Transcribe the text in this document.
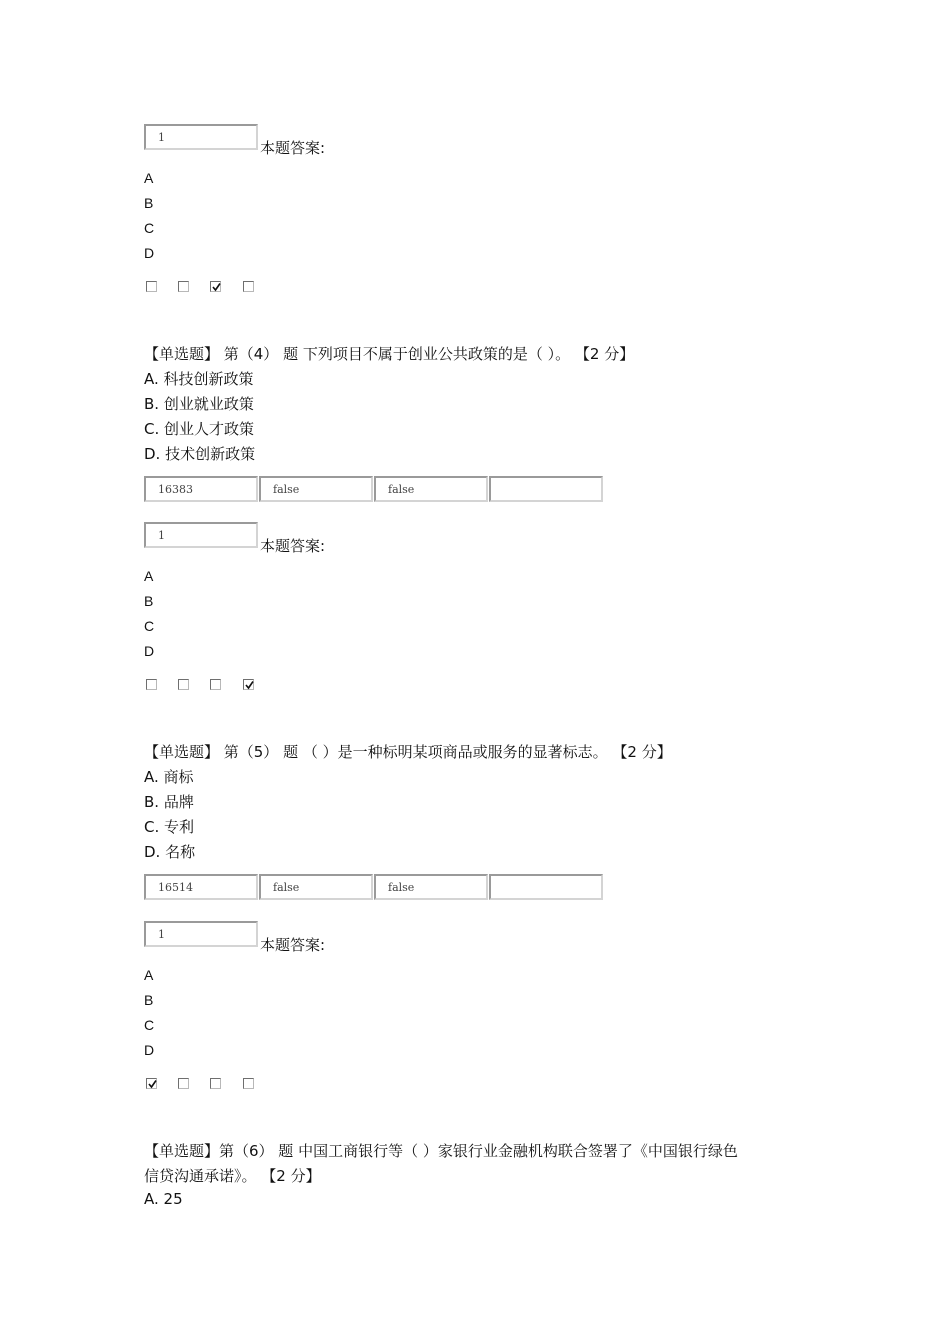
1
本题答案:
A
B
C
D
【单选题】 第（4） 题 下列项目不属于创业公共政策的是（ ）。 【2 分】
A. 科技创新政策
B. 创业就业政策
C. 创业人才政策
D. 技术创新政策
16383	false	false
1
本题答案:
A
B
C
D
【单选题】 第（5） 题 （ ）是一种标明某项商品或服务的显著标志。 【2 分】
A. 商标
B. 品牌
C. 专利
D. 名称
16514	false	false
1
本题答案:
A
B
C
D
【单选题】第（6） 题 中国工商银行等（ ）家银行业金融机构联合签署了《中国银行绿色
信贷沟通承诺》。 【2 分】
A. 25
